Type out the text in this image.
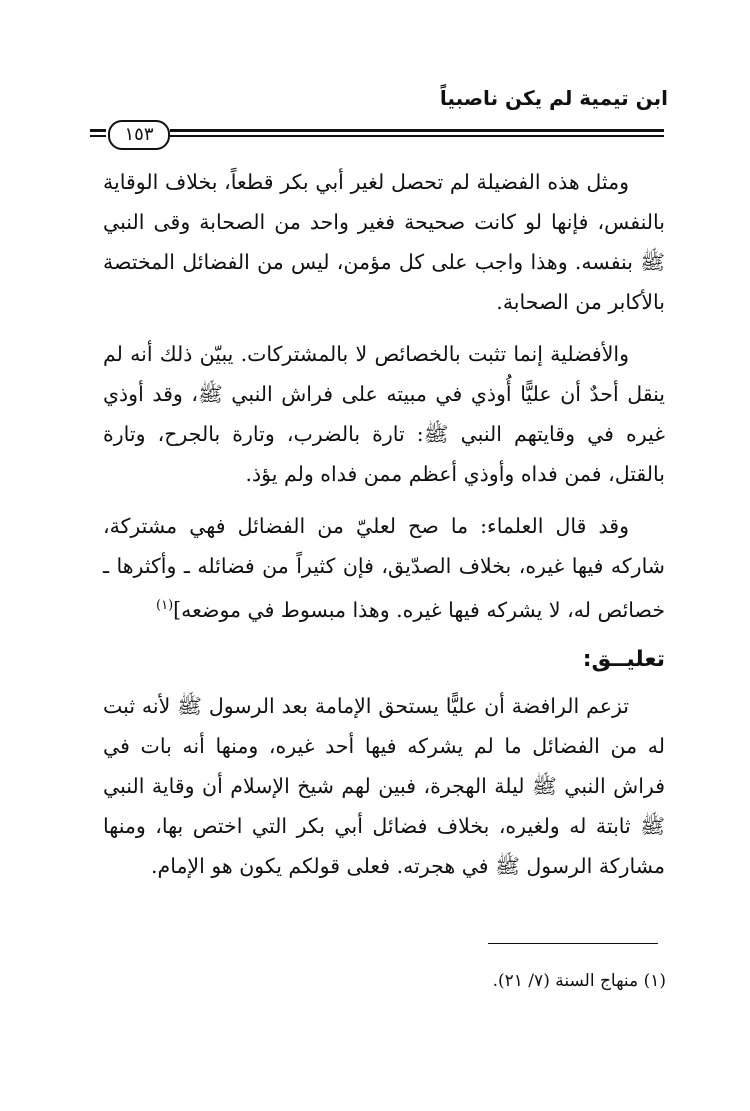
ابن تيمية لم يكن ناصبياً
١٥٣

ومثل هذه الفضيلة لم تحصل لغير أبي بكر قطعاً، بخلاف الوقاية بالنفس، فإنها لو كانت صحيحة فغير واحد من الصحابة وقى النبي ﷺ بنفسه. وهذا واجب على كل مؤمن، ليس من الفضائل المختصة بالأكابر من الصحابة.

والأفضلية إنما تثبت بالخصائص لا بالمشتركات. يبيّن ذلك أنه لم ينقل أحدٌ أن عليًّا أُوذي في مبيته على فراش النبي ﷺ، وقد أوذي غيره في وقايتهم النبي ﷺ: تارة بالضرب، وتارة بالجرح، وتارة بالقتل، فمن فداه وأوذي أعظم ممن فداه ولم يؤذ.

وقد قال العلماء: ما صح لعليّ من الفضائل فهي مشتركة، شاركه فيها غيره، بخلاف الصدّيق، فإن كثيراً من فضائله ـ وأكثرها ـ خصائص له، لا يشركه فيها غيره. وهذا مبسوط في موضعه]$^{(١)}$

تعليــق:

تزعم الرافضة أن عليًّا يستحق الإمامة بعد الرسول ﷺ لأنه ثبت له من الفضائل ما لم يشركه فيها أحد غيره، ومنها أنه بات في فراش النبي ﷺ ليلة الهجرة، فبين لهم شيخ الإسلام أن وقاية النبي ﷺ ثابتة له ولغيره، بخلاف فضائل أبي بكر التي اختص بها، ومنها مشاركة الرسول ﷺ في هجرته. فعلى قولكم يكون هو الإمام.

(١) منهاج السنة (٧/ ٢١).
